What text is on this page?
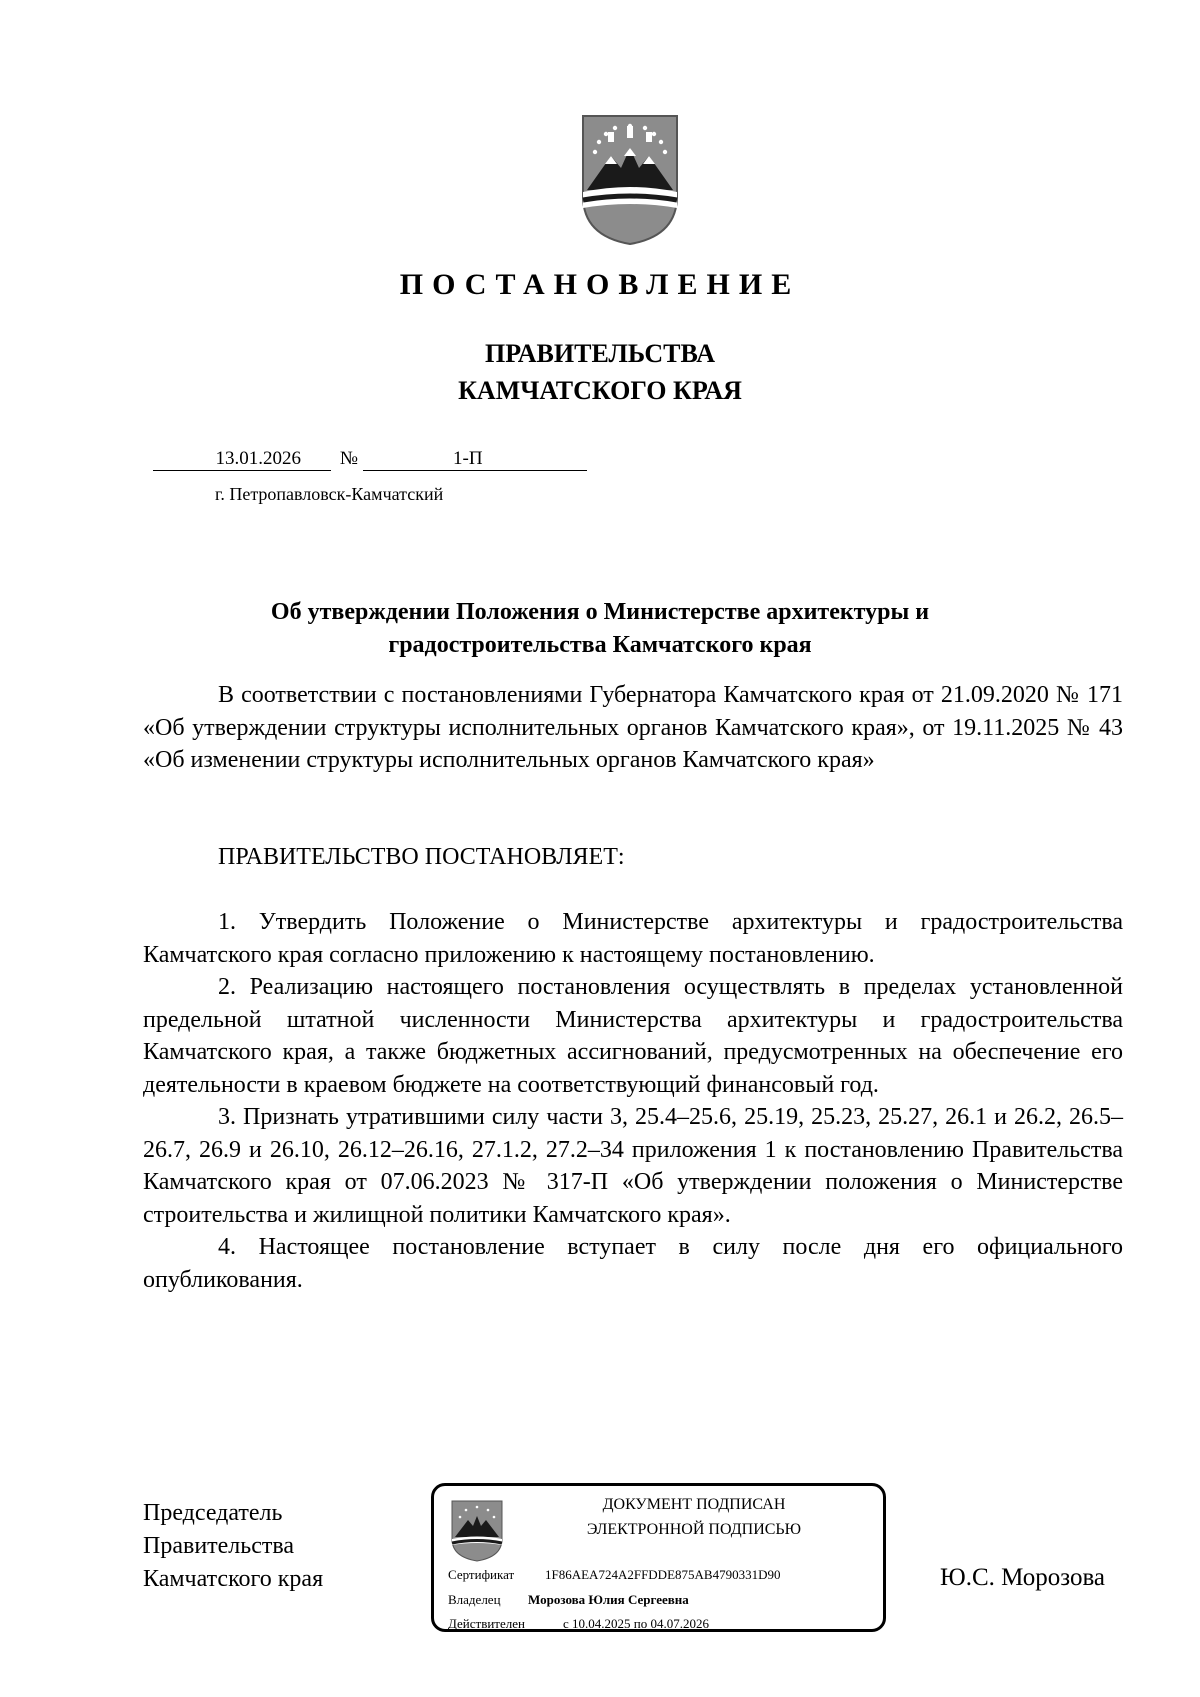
ПОСТАНОВЛЕНИЕ
ПРАВИТЕЛЬСТВА
КАМЧАТСКОГО КРАЯ
13.01.2026	№	1-П
г. Петропавловск-Камчатский
Об утверждении Положения о Министерстве архитектуры и
градостроительства Камчатского края

В соответствии с постановлениями Губернатора Камчатского края от 21.09.2020 № 171 «Об утверждении структуры исполнительных органов Камчатского края», от 19.11.2025 № 43 «Об изменении структуры исполнительных органов Камчатского края»

ПРАВИТЕЛЬСТВО ПОСТАНОВЛЯЕТ:

1. Утвердить Положение о Министерстве архитектуры и градостроительства Камчатского края согласно приложению к настоящему постановлению.

2. Реализацию настоящего постановления осуществлять в пределах установленной предельной штатной численности Министерства архитектуры и градостроительства Камчатского края, а также бюджетных ассигнований, предусмотренных на обеспечение его деятельности в краевом бюджете на соответствующий финансовый год.

3. Признать утратившими силу части 3, 25.4–25.6, 25.19, 25.23, 25.27, 26.1 и 26.2, 26.5–26.7, 26.9 и 26.10, 26.12–26.16, 27.1.2, 27.2–34 приложения 1 к постановлению Правительства Камчатского края от 07.06.2023 № 317-П «Об утверждении положения о Министерстве строительства и жилищной политики Камчатского края».

4. Настоящее постановление вступает в силу после дня его официального опубликования.

Председатель
Правительства
Камчатского края
ДОКУМЕНТ ПОДПИСАН
ЭЛЕКТРОННОЙ ПОДПИСЬЮ
Сертификат 1F86AEA724A2FFDDE875AB4790331D90
Владелец Морозова Юлия Сергеевна
Действителен	с 10.04.2025 по 04.07.2026
Ю.С. Морозова
